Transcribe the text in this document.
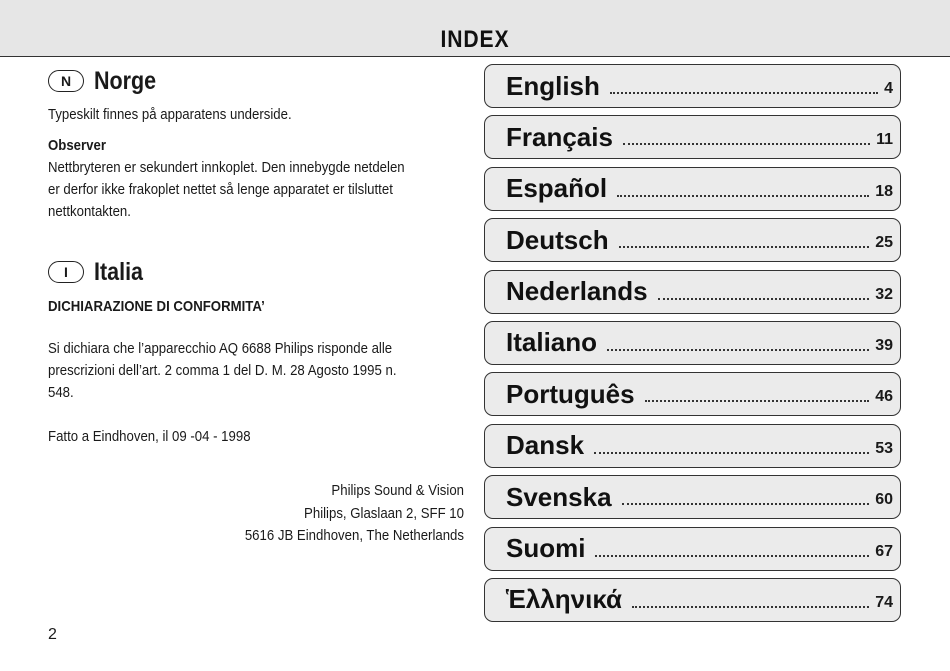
INDEX
N Norge
Typeskilt finnes på apparatens underside.
Observer
Nettbryteren er sekundert innkoplet. Den innebygde netdelen
er derfor ikke frakoplet nettet så lenge apparatet er tilsluttet
nettkontakten.
I	Italia
DICHIARAZIONE DI CONFORMITA’
Si dichiara che l’apparecchio AQ 6688 Philips risponde alle
prescrizioni dell’art. 2 comma 1 del D. M. 28 Agosto 1995 n.
548.
Fatto a Eindhoven, il 09 -04 - 1998
Philips Sound & Vision
Philips, Glaslaan 2, SFF 10
5616 JB Eindhoven, The Netherlands
2
English	4
Français	11
Español	18
Deutsch	25
Nederlands	32
Italiano	39
Português	46
Dansk	53
Svenska	60
Suomi	67
Ἑλληνικά	74
